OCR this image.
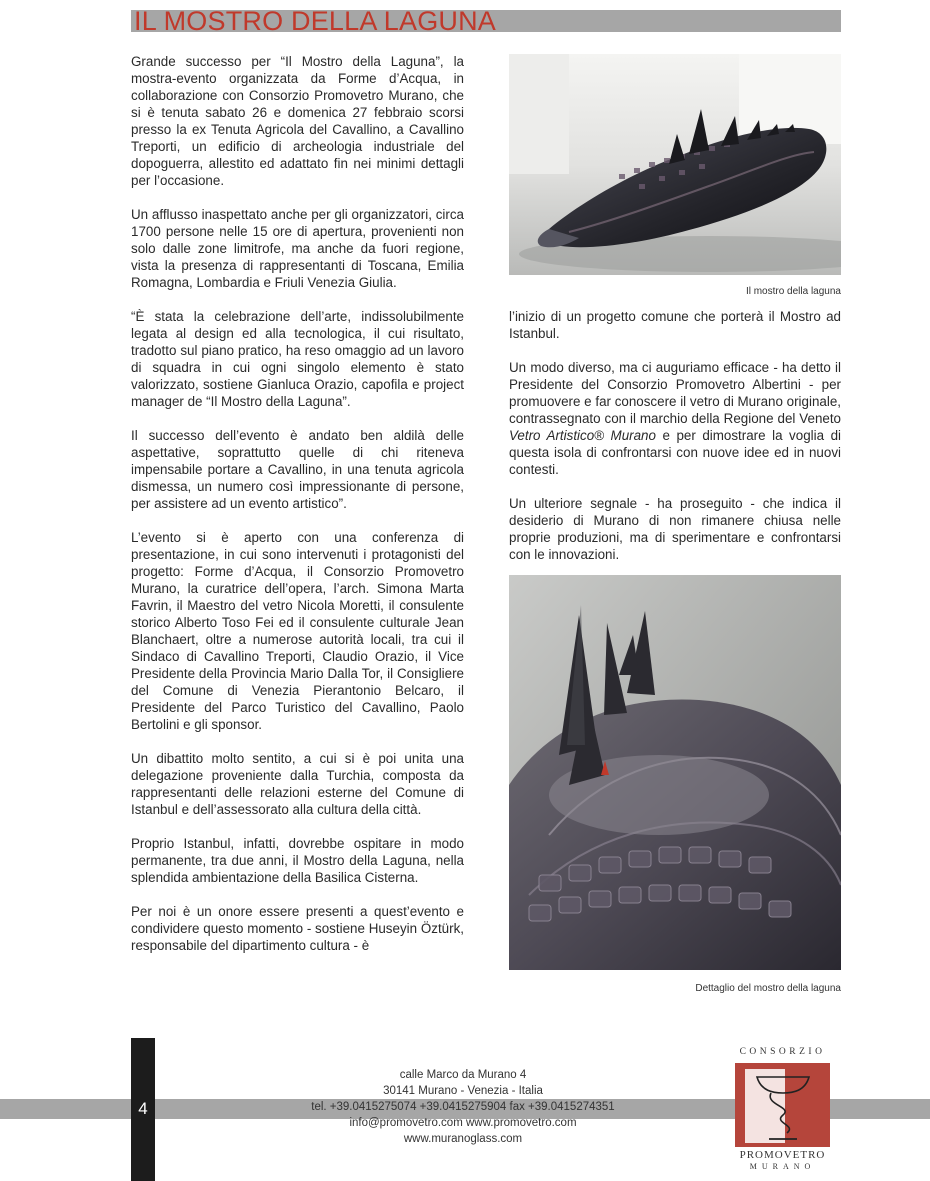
IL MOSTRO DELLA LAGUNA

Grande successo per “Il Mostro della Laguna”, la mostra-evento organizzata da Forme d’Acqua, in collaborazione con Consorzio Promovetro Murano, che si è tenuta sabato 26 e domenica 27 febbraio scorsi presso la ex Tenuta Agricola del Cavallino, a Cavallino Treporti, un edificio di archeologia industriale del dopoguerra, allestito ed adattato fin nei minimi dettagli per l’occasione.

Un afflusso inaspettato anche per gli organizzatori, circa 1700 persone nelle 15 ore di apertura, provenienti non solo dalle zone limitrofe, ma anche da fuori regione, vista la presenza di rappresentanti di Toscana, Emilia Romagna, Lombardia e Friuli Venezia Giulia.

“È stata la celebrazione dell’arte, indissolubilmente legata al design ed alla tecnologica, il cui risultato, tradotto sul piano pratico, ha reso omaggio ad un lavoro di squadra in cui ogni singolo elemento è stato valorizzato, sostiene Gianluca Orazio, capofila e project manager de “Il Mostro della Laguna”.

Il successo dell’evento è andato ben aldilà delle aspettative, soprattutto quelle di chi riteneva impensabile portare a Cavallino, in una tenuta agricola dismessa, un numero così impressionante di persone, per assistere ad un evento artistico”.

L’evento si è aperto con una conferenza di presentazione, in cui sono intervenuti i protagonisti del progetto: Forme d’Acqua, il Consorzio Promovetro Murano, la curatrice dell’opera, l’arch. Simona Marta Favrin, il Maestro del vetro Nicola Moretti, il consulente storico Alberto Toso Fei ed il consulente culturale Jean Blanchaert, oltre a numerose autorità locali, tra cui il Sindaco di Cavallino Treporti, Claudio Orazio, il Vice Presidente della Provincia Mario Dalla Tor, il Consigliere del Comune di Venezia Pierantonio Belcaro, il Presidente del Parco Turistico del Cavallino, Paolo Bertolini e gli sponsor.

Un dibattito molto sentito, a cui si è poi unita una delegazione proveniente dalla Turchia, composta da rappresentanti delle relazioni esterne del Comune di Istanbul e dell’assessorato alla cultura della città.

Proprio Istanbul, infatti, dovrebbe ospitare in modo permanente, tra due anni, il Mostro della Laguna, nella splendida ambientazione della Basilica Cisterna.

Per noi è un onore essere presenti a quest’evento e condividere questo momento - sostiene Huseyin Öztürk, responsabile del dipartimento cultura - è

Il mostro della laguna

l’inizio di un progetto comune che porterà il Mostro ad Istanbul.

Un modo diverso, ma ci auguriamo efficace - ha detto il Presidente del Consorzio Promovetro Albertini - per promuovere e far conoscere il vetro di Murano originale, contrassegnato con il marchio della Regione del Veneto Vetro Artistico® Murano e per dimostrare la voglia di questa isola di confrontarsi con nuove idee ed in nuovi contesti.

Un ulteriore segnale - ha proseguito - che indica il desiderio di Murano di non rimanere chiusa nelle proprie produzioni, ma di sperimentare e confrontarsi con le innovazioni.

Dettaglio del mostro della laguna
4
calle Marco da Murano 4
30141 Murano - Venezia - Italia
tel. +39.0415275074 +39.0415275904 fax +39.0415274351
info@promovetro.com www.promovetro.com
www.muranoglass.com
CONSORZIO
PROMOVETRO
MURANO
